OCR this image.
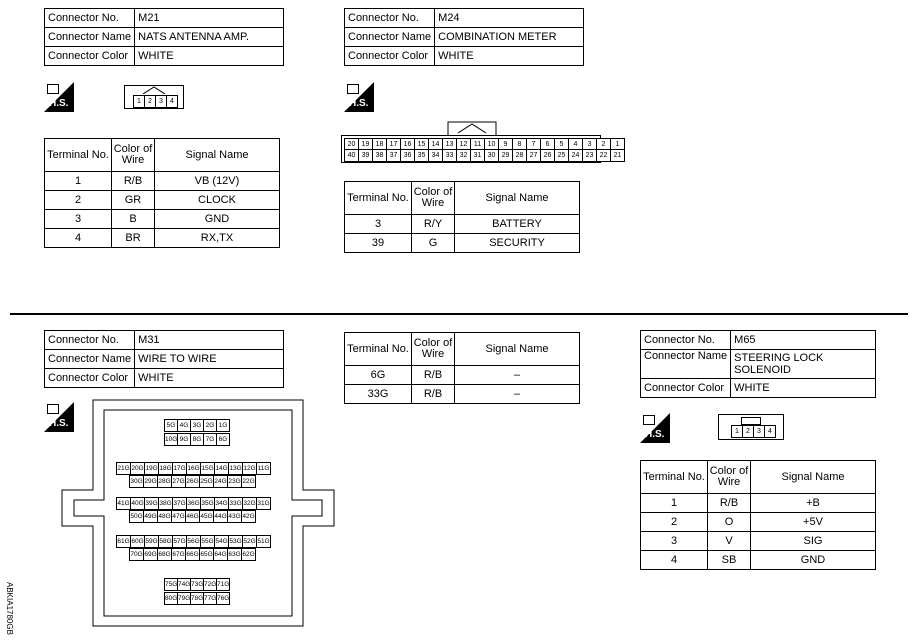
Connector No.	M21
Connector Name	NATS ANTENNA AMP.
Connector Color	WHITE
H.S.	1	2	3	4
Terminal No.	Color of Wire	Signal Name
1	R/B	VB (12V)
2	GR	CLOCK
3	B	GND
4	BR	RX,TX
Connector No.	M24
Connector Name	COMBINATION METER
Connector Color	WHITE
H.S.
20 19 18 17 16 15 14 13 12 11 10	9	8	7	6	5	4	3	2	1
40 39 38 37 36 35 34 33 32 31 30 29 28 27 26 25 24 23 22 21
Terminal No.	Color of Wire	Signal Name
3	R/Y	BATTERY
39	G	SECURITY
Connector No.	M31
Connector Name	WIRE TO WIRE
Connector Color	WHITE
H.S.	5G 4G 3G 2G 1G
10G 9G 8G 7G 6G
21G 20G 19G 18G 17G 16G 15G 14G 13G 12G 11G
30G 29G 28G 27G 26G 25G 24G 23G 22G
41G 40G 39G 38G 37G 36G 35G 34G 33G 32G 31G
50G 49G 48G 47G 46G 45G 44G 43G 42G
61G 60G 59G 58G 57G 56G 55G 54G 53G 52G 51G
70G 69G 68G 67G 66G 65G 64G 63G 62G
75G 74G 73G 72G 71G
80G 79G 78G 77G 76G
Terminal No.	Color of Wire	Signal Name
6G	R/B	–
33G	R/B	–
Connector No.	M65
Connector Name	STEERING LOCK SOLENOID
Connector Color	WHITE
H.S.	1	2	3	4
Terminal No.	Color of Wire	Signal Name
1	R/B	+B
2	O	+5V
3	V	SIG
4	SB	GND
ABKIA1780GB
